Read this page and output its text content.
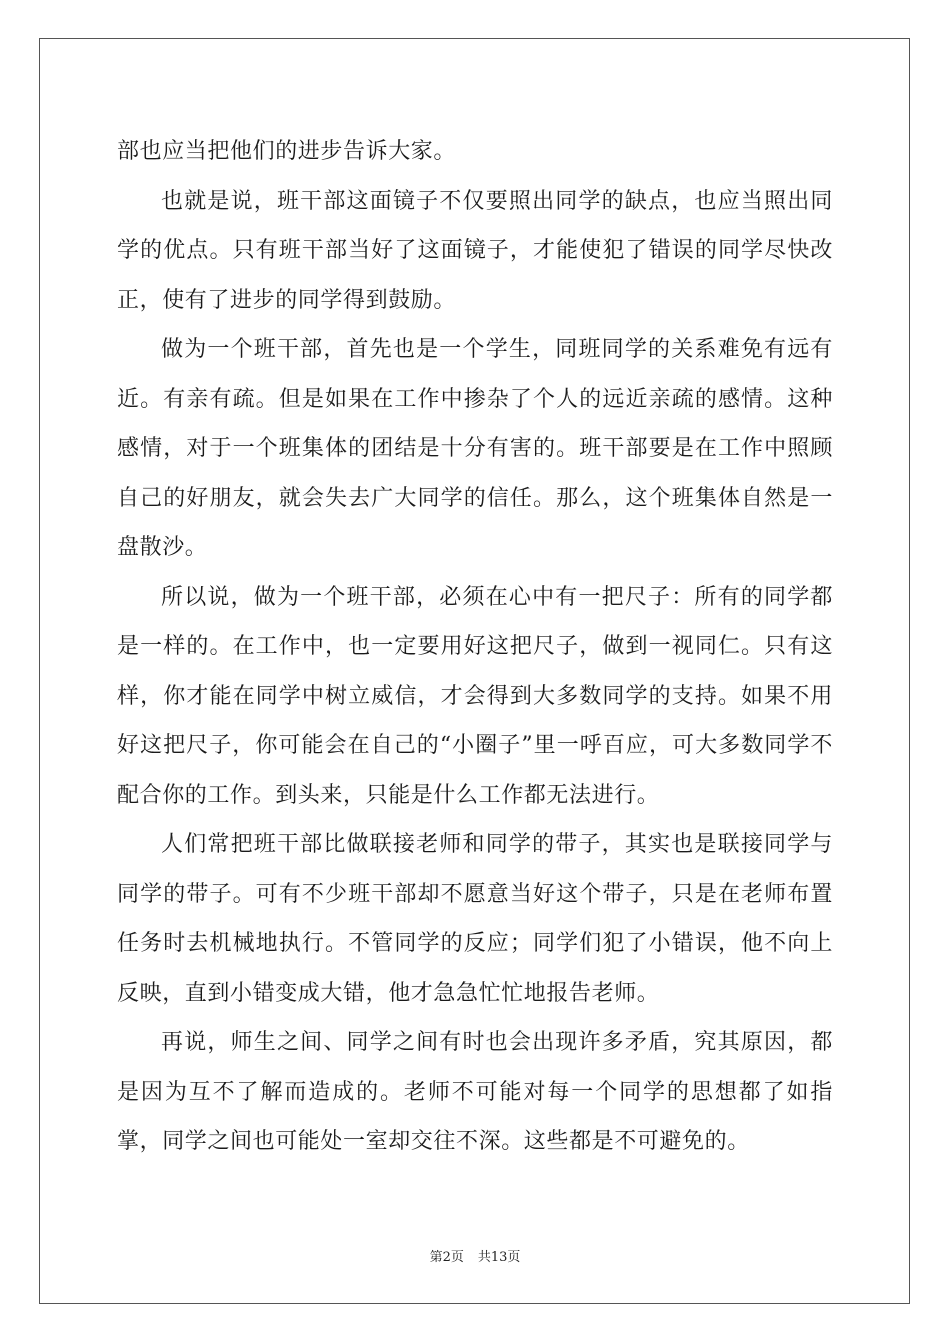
部也应当把他们的进步告诉大家。

也就是说，班干部这面镜子不仅要照出同学的缺点，也应当照出同学的优点。只有班干部当好了这面镜子，才能使犯了错误的同学尽快改正，使有了进步的同学得到鼓励。

做为一个班干部，首先也是一个学生，同班同学的关系难免有远有近。有亲有疏。但是如果在工作中掺杂了个人的远近亲疏的感情。这种感情，对于一个班集体的团结是十分有害的。班干部要是在工作中照顾自己的好朋友，就会失去广大同学的信任。那么，这个班集体自然是一盘散沙。

所以说，做为一个班干部，必须在心中有一把尺子：所有的同学都是一样的。在工作中，也一定要用好这把尺子，做到一视同仁。只有这样，你才能在同学中树立威信，才会得到大多数同学的支持。如果不用好这把尺子，你可能会在自己的“小圈子”里一呼百应，可大多数同学不配合你的工作。到头来，只能是什么工作都无法进行。

人们常把班干部比做联接老师和同学的带子，其实也是联接同学与同学的带子。可有不少班干部却不愿意当好这个带子，只是在老师布置任务时去机械地执行。不管同学的反应；同学们犯了小错误，他不向上反映，直到小错变成大错，他才急急忙忙地报告老师。

再说，师生之间、同学之间有时也会出现许多矛盾，究其原因，都是因为互不了解而造成的。老师不可能对每一个同学的思想都了如指掌，同学之间也可能处一室却交往不深。这些都是不可避免的。

第2页 共13页
